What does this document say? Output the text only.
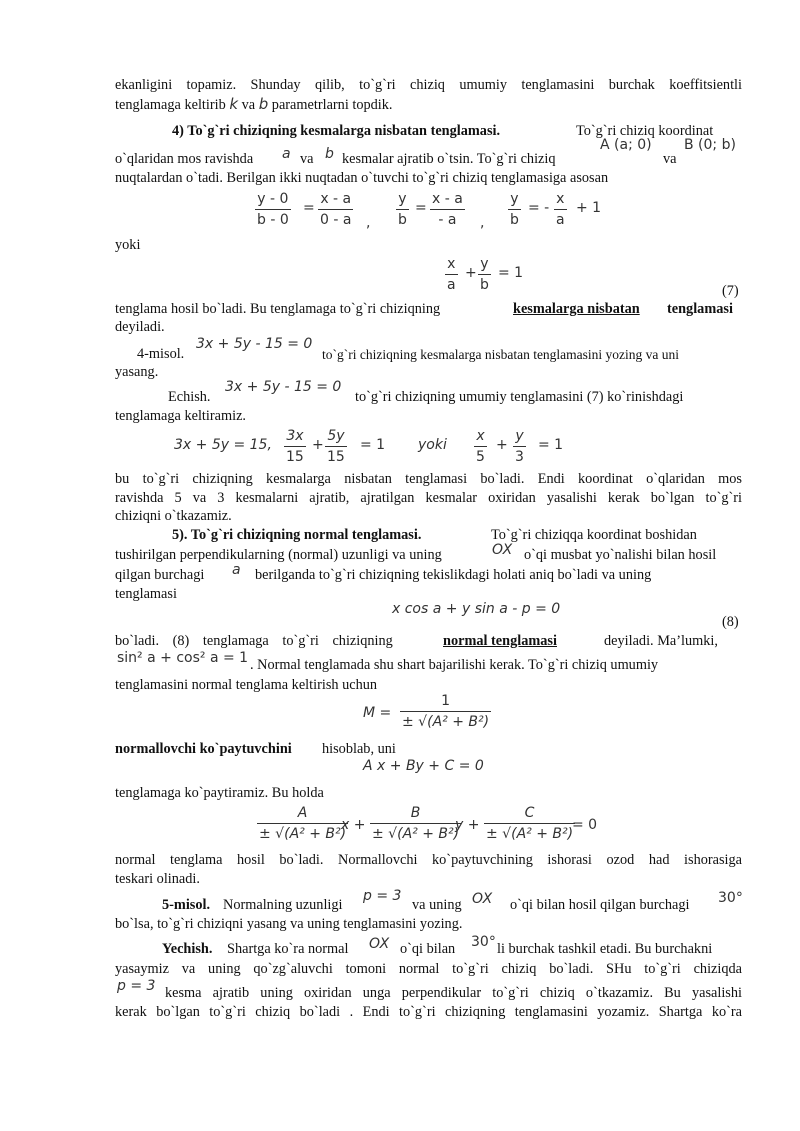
ekanligini topamiz. Shunday qilib, to`g`ri chiziq umumiy tenglamasini burchak koeffitsientli
tenglamaga keltirib k va b parametrlarni topdik.
4) To`g`ri chiziqning kesmalarga nisbatan tenglamasi.	To`g`ri chiziq koordinat
o`qlaridan mos ravishda a va b kesmalar ajratib o`tsin. To`g`ri chiziq
A (a; 0)
va
B (0; b)
nuqtalardan o`tadi. Berilgan ikki nuqtadan o`tuvchi to`g`ri chiziq tenglamasiga asosan
$\frac{y - 0}{b - 0} = \frac{x - a}{0 - a}$ , $\frac{y}{b} = \frac{x - a}{- a}$ , $\frac{y}{b}$ = - $\frac{x}{a} + 1$
yoki
$\frac{x}{a} + \frac{y}{b} = 1$
(7)
tenglama hosil bo`ladi. Bu tenglamaga to`g`ri chiziqning	kesmalarga nisbatan tenglamasi
deyiladi.
4-misol.
3x + 5y - 15 = 0
to`g`ri chiziqning kesmalarga nisbatan tenglamasini yozing va uni
yasang.
Echish.
3x + 5y - 15 = 0
to`g`ri chiziqning umumiy tenglamasini (7) ko`rinishdagi
tenglamaga keltiramiz.
3x + 5y = 15, $\frac{3x}{15} + \frac{5y}{15} = 1$ yoki $\frac{x}{5} + \frac{y}{3} = 1$
bu to`g`ri chiziqning kesmalarga nisbatan tenglamasi bo`ladi. Endi koordinat o`qlaridan mos
ravishda 5 va 3 kesmalarni ajratib, ajratilgan kesmalar oxiridan yasalishi kerak bo`lgan to`g`ri
chiziqni o`tkazamiz.
5). To`g`ri chiziqning normal tenglamasi.	To`g`ri chiziqqa koordinat boshidan
tushirilgan perpendikularning (normal) uzunligi va uning	OX o`qi musbat yo`nalishi bilan hosil
qilgan burchagi a berilganda to`g`ri chiziqning tekislikdagi holati aniq bo`ladi va uning
tenglamasi
x cos a + y sin a - p = 0
(8)
bo`ladi. (8) tenglamaga to`g`ri chiziqning	normal tenglamasi	deyiladi. Ma’lumki,
sin² a + cos² a = 1 . Normal tenglamada shu shart bajarilishi kerak. To`g`ri chiziq umumiy
tenglamasini normal tenglama keltirish uchun
$M = \frac{1}{\text{± √(A² + B²)}}$
normallovchi ko`paytuvchini hisoblab, uni
A x + By + C = 0
tenglamaga ko`paytiramiz. Bu holda
$\frac{A}{\text{± √(A² + B²)}}$
$x + \frac{B}{\text{± √(A² + B²)}}$
$y + \frac{C}{\text{± √(A² + B²)}}$
= 0
normal tenglama hosil bo`ladi. Normallovchi ko`paytuvchining ishorasi ozod had ishorasiga
teskari olinadi.
5-misol. Normalning uzunligi
p = 3
va uning OX o`qi bilan hosil qilgan burchagi 30°
bo`lsa, to`g`ri chiziqni yasang va uning tenglamasini yozing.
Yechish. Shartga ko`ra normal OX o`qi bilan 30° li burchak tashkil etadi. Bu burchakni
yasaymiz va uning qo`zg`aluvchi tomoni normal to`g`ri chiziq bo`ladi. SHu to`g`ri chiziqda
p = 3 kesma ajratib uning oxiridan unga perpendikular to`g`ri chiziq o`tkazamiz. Bu yasalishi
kerak bo`lgan to`g`ri chiziq bo`ladi . Endi to`g`ri chiziqning tenglamasini yozamiz. Shartga ko`ra
